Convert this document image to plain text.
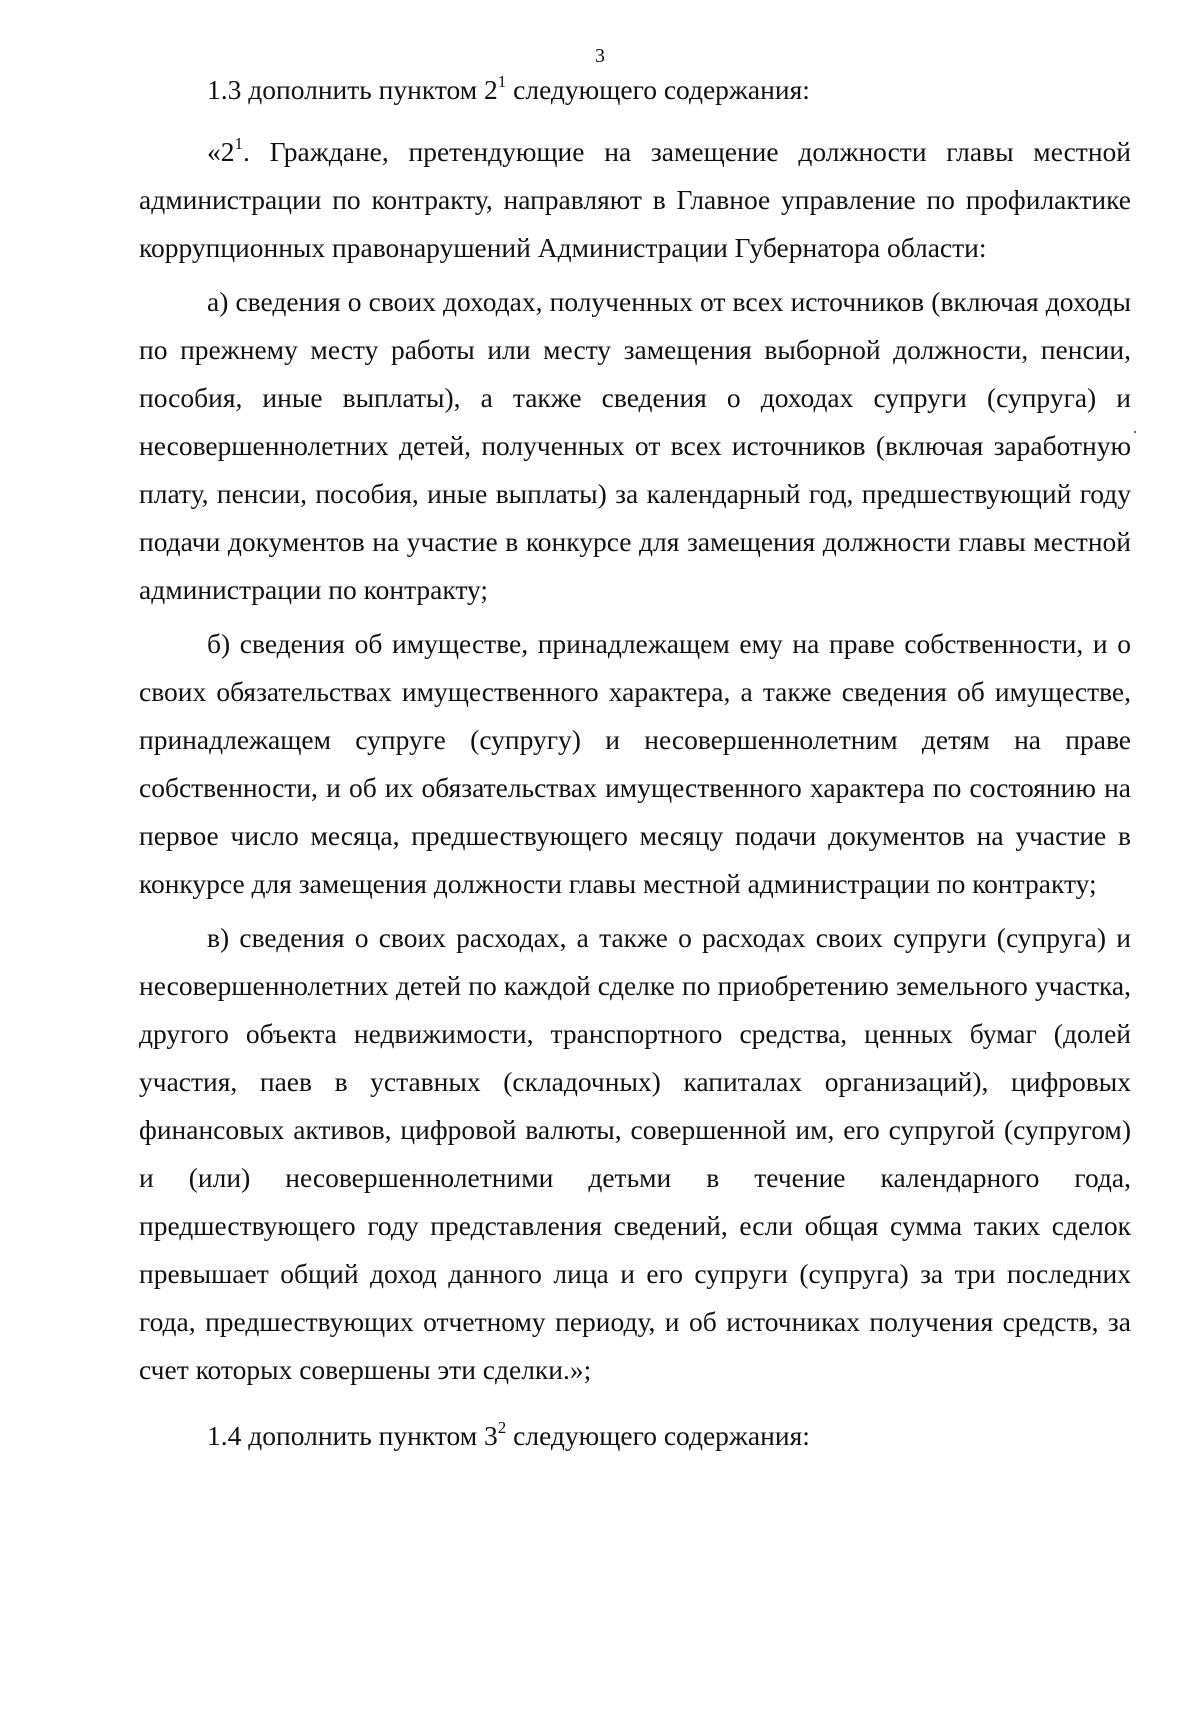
3

1.3 дополнить пунктом $2^1$ следующего содержания:

«$2^1$. Граждане, претендующие на замещение должности главы местной администрации по контракту, направляют в Главное управление по профилактике коррупционных правонарушений Администрации Губернатора области:

а) сведения о своих доходах, полученных от всех источников (включая доходы по прежнему месту работы или месту замещения выборной должности, пенсии, пособия, иные выплаты), а также сведения о доходах супруги (супруга) и несовершеннолетних детей, полученных от всех источников (включая заработную плату, пенсии, пособия, иные выплаты) за календарный год, предшествующий году подачи документов на участие в конкурсе для замещения должности главы местной администрации по контракту;

б) сведения об имуществе, принадлежащем ему на праве собственности, и о своих обязательствах имущественного характера, а также сведения об имуществе, принадлежащем супруге (супругу) и несовершеннолетним детям на праве собственности, и об их обязательствах имущественного характера по состоянию на первое число месяца, предшествующего месяцу подачи документов на участие в конкурсе для замещения должности главы местной администрации по контракту;

в) сведения о своих расходах, а также о расходах своих супруги (супруга) и несовершеннолетних детей по каждой сделке по приобретению земельного участка, другого объекта недвижимости, транспортного средства, ценных бумаг (долей участия, паев в уставных (складочных) капиталах организаций), цифровых финансовых активов, цифровой валюты, совершенной им, его супругой (супругом) и (или) несовершеннолетними детьми в течение календарного года, предшествующего году представления сведений, если общая сумма таких сделок превышает общий доход данного лица и его супруги (супруга) за три последних года, предшествующих отчетному периоду, и об источниках получения средств, за счет которых совершены эти сделки.»;

1.4 дополнить пунктом $3^2$ следующего содержания:
